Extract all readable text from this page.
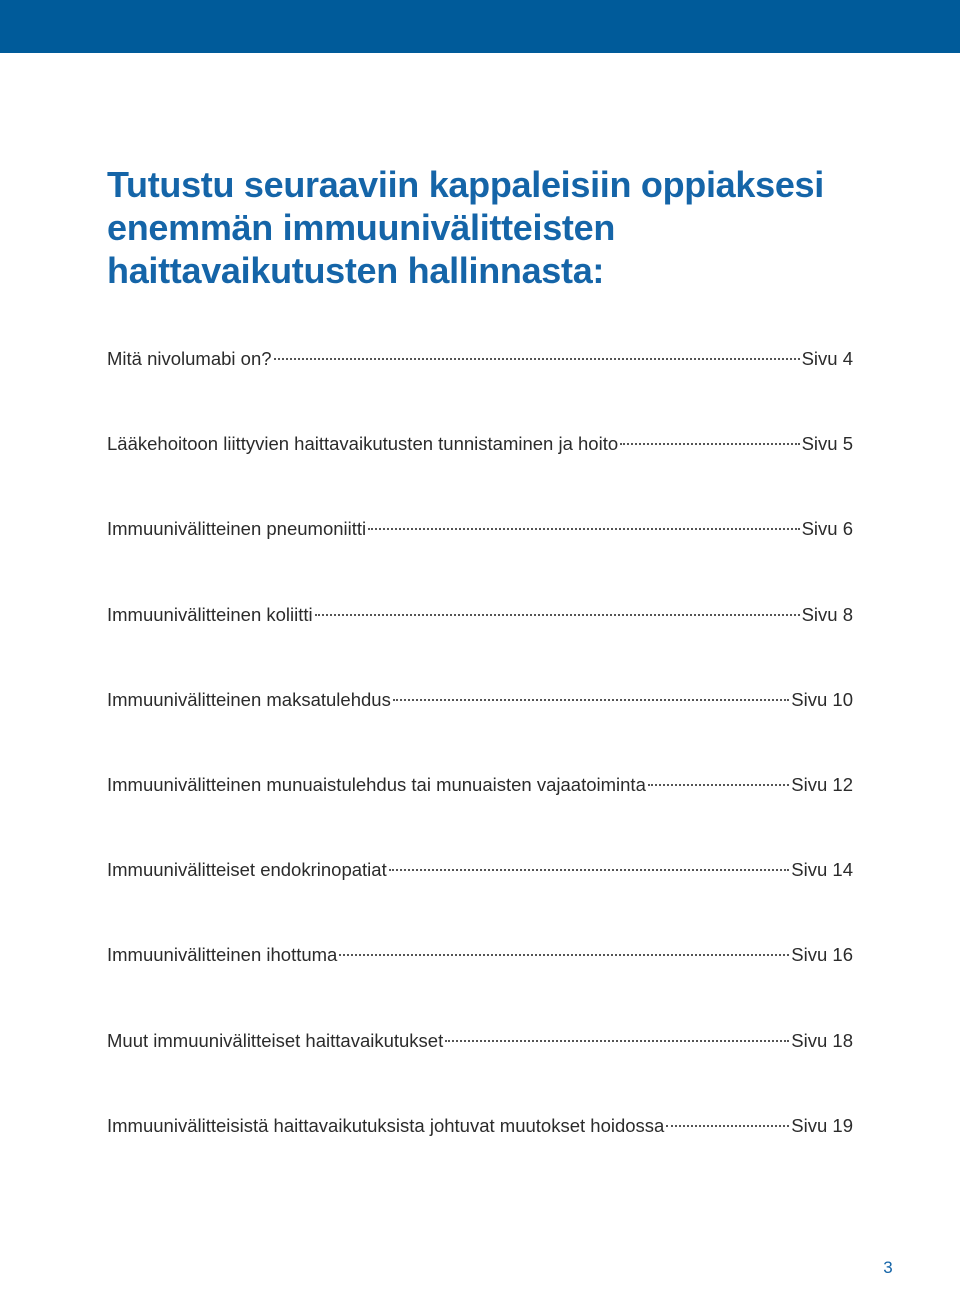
Tutustu seuraaviin kappaleisiin oppiaksesi
enemmän immuunivälitteisten
haittavaikutusten hallinnasta:
Mitä nivolumabi on?	Sivu 4
Lääkehoitoon liittyvien haittavaikutusten tunnistaminen ja hoito	Sivu 5
Immuunivälitteinen pneumoniitti	Sivu 6
Immuunivälitteinen koliitti	Sivu 8
Immuunivälitteinen maksatulehdus	Sivu 10
Immuunivälitteinen munuaistulehdus tai munuaisten vajaatoiminta	Sivu 12
Immuunivälitteiset endokrinopatiat	Sivu 14
Immuunivälitteinen ihottuma	Sivu 16
Muut immuunivälitteiset haittavaikutukset	Sivu 18
Immuunivälitteisistä haittavaikutuksista johtuvat muutokset hoidossa	Sivu 19
3
